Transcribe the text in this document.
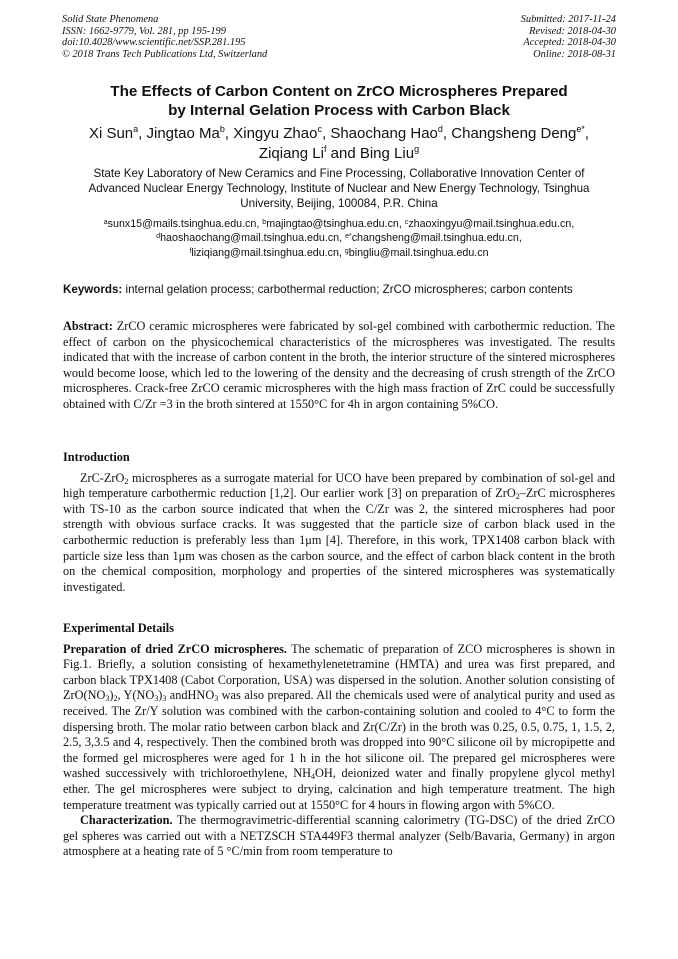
Solid State Phenomena
ISSN: 1662-9779, Vol. 281, pp 195-199
doi:10.4028/www.scientific.net/SSP.281.195
© 2018 Trans Tech Publications Ltd, Switzerland
Submitted: 2017-11-24
Revised: 2018-04-30
Accepted: 2018-04-30
Online: 2018-08-31
The Effects of Carbon Content on ZrCO Microspheres Prepared
by Internal Gelation Process with Carbon Black
Xi Sun$^a$, Jingtao Ma$^b$, Xingyu Zhao$^c$, Shaochang Hao$^d$, Changsheng Deng$^{e*}$,
Ziqiang Li$^f$ and Bing Liu$^g$
State Key Laboratory of New Ceramics and Fine Processing, Collaborative Innovation Center of
Advanced Nuclear Energy Technology, Institute of Nuclear and New Energy Technology, Tsinghua
University, Beijing, 100084, P.R. China
$^a$sunx15@mails.tsinghua.edu.cn, $^b$majingtao@tsinghua.edu.cn, $^c$zhaoxingyu@mail.tsinghua.edu.cn,
$^d$haoshaochang@mail.tsinghua.edu.cn, $^{e*}$changsheng@mail.tsinghua.edu.cn,
$^f$liziqiang@mail.tsinghua.edu.cn, $^g$bingliu@mail.tsinghua.edu.cn
Keywords: internal gelation process; carbothermal reduction; ZrCO microspheres; carbon contents

Abstract: ZrCO ceramic microspheres were fabricated by sol-gel combined with carbothermic reduction. The effect of carbon on the physicochemical characteristics of the microspheres was investigated. The results indicated that with the increase of carbon content in the broth, the interior structure of the sintered microspheres would become loose, which led to the lowering of the density and the decreasing of crush strength of the ZrCO microspheres. Crack-free ZrCO ceramic microspheres with the high mass fraction of ZrC could be successfully obtained with C/Zr =3 in the broth sintered at 1550°C for 4h in argon containing 5%CO.

Introduction

ZrC-ZrO$_2$ microspheres as a surrogate material for UCO have been prepared by combination of sol-gel and high temperature carbothermic reduction [1,2]. Our earlier work [3] on preparation of ZrO$_2$–ZrC microspheres with TS-10 as the carbon source indicated that when the C/Zr was 2, the sintered microspheres had poor strength with obvious surface cracks. It was suggested that the particle size of carbon black used in the carbothermic reduction is preferably less than 1μm [4]. Therefore, in this work, TPX1408 carbon black with particle size less than 1μm was chosen as the carbon source, and the effect of carbon black content in the broth on the chemical composition, morphology and properties of the sintered microspheres was systematically investigated.

Experimental Details

Preparation of dried ZrCO microspheres. The schematic of preparation of ZCO microspheres is shown in Fig.1. Briefly, a solution consisting of hexamethylenetetramine (HMTA) and urea was first prepared, and carbon black TPX1408 (Cabot Corporation, USA) was dispersed in the solution. Another solution consisting of $ZrO(NO_3)_2$, $Y(NO_3)_3$ andHNO$_3$ was also prepared. All the chemicals used were of analytical purity and used as received. The Zr/Y solution was combined with the carbon-containing solution and cooled to 4°C to form the dispersing broth. The molar ratio between carbon black and Zr(C/Zr) in the broth was 0.25, 0.5, 0.75, 1, 1.5, 2, 2.5, 3,3.5 and 4, respectively. Then the combined broth was dropped into 90°C silicone oil by micropipette and the formed gel microspheres were aged for 1 h in the hot silicone oil. The prepared gel microspheres were washed successively with trichloroethylene, $NH_4OH$, deionized water and finally propylene glycol methyl ether. The gel microspheres were subject to drying, calcination and high temperature treatment. The high temperature treatment was typically carried out at 1550°C for 4 hours in flowing argon with 5%CO.

Characterization. The thermogravimetric-differential scanning calorimetry (TG-DSC) of the dried ZrCO gel spheres was carried out with a NETZSCH STA449F3 thermal analyzer (Selb/Bavaria, Germany) in argon atmosphere at a heating rate of 5 °C/min from room temperature to
